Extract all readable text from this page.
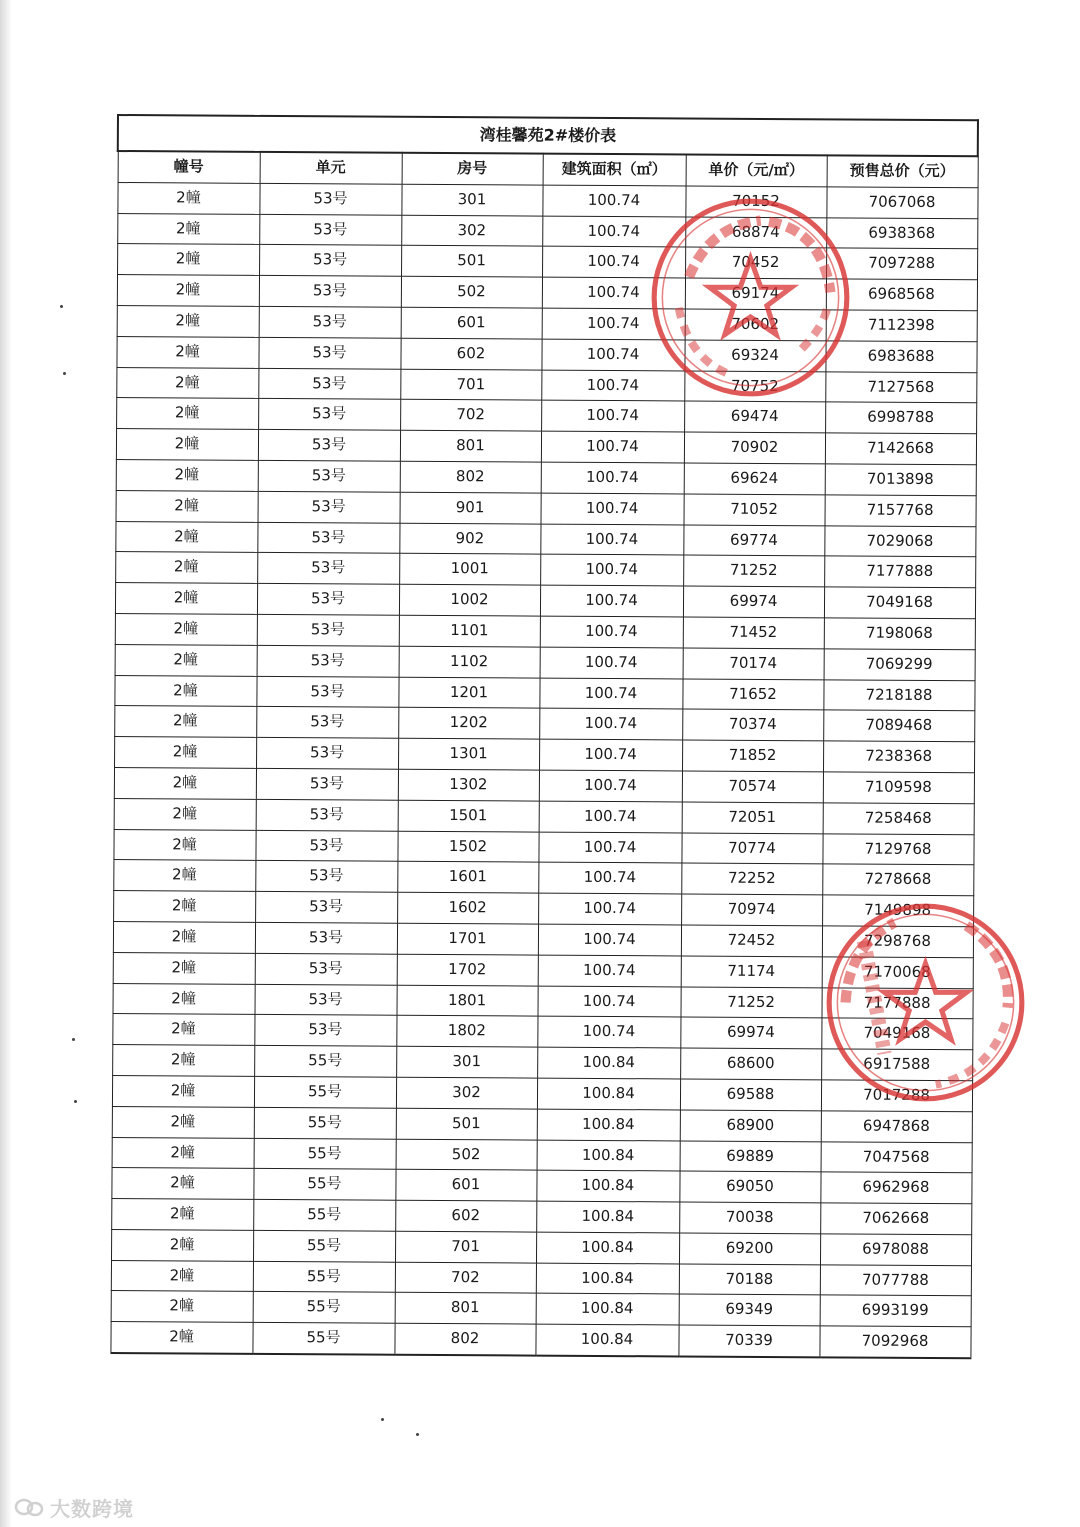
湾桂馨苑2#楼价表					
幢号	单元	房号	建筑面积（㎡）	单价（元/㎡）	预售总价（元）
2幢	53号	301	100.74	70152	7067068
2幢	53号	302	100.74	68874	6938368
2幢	53号	501	100.74	70452	7097288
2幢	53号	502	100.74	69174	6968568
2幢	53号	601	100.74	70602	7112398
2幢	53号	602	100.74	69324	6983688
2幢	53号	701	100.74	70752	7127568
2幢	53号	702	100.74	69474	6998788
2幢	53号	801	100.74	70902	7142668
2幢	53号	802	100.74	69624	7013898
2幢	53号	901	100.74	71052	7157768
2幢	53号	902	100.74	69774	7029068
2幢	53号	1001	100.74	71252	7177888
2幢	53号	1002	100.74	69974	7049168
2幢	53号	1101	100.74	71452	7198068
2幢	53号	1102	100.74	70174	7069299
2幢	53号	1201	100.74	71652	7218188
2幢	53号	1202	100.74	70374	7089468
2幢	53号	1301	100.74	71852	7238368
2幢	53号	1302	100.74	70574	7109598
2幢	53号	1501	100.74	72051	7258468
2幢	53号	1502	100.74	70774	7129768
2幢	53号	1601	100.74	72252	7278668
2幢	53号	1602	100.74	70974	7149898
2幢	53号	1701	100.74	72452	7298768
2幢	53号	1702	100.74	71174	7170068
2幢	53号	1801	100.74	71252	7177888
2幢	53号	1802	100.74	69974	7049168
2幢	55号	301	100.84	68600	6917588
2幢	55号	302	100.84	69588	7017288
2幢	55号	501	100.84	68900	6947868
2幢	55号	502	100.84	69889	7047568
2幢	55号	601	100.84	69050	6962968
2幢	55号	602	100.84	70038	7062668
2幢	55号	701	100.84	69200	6978088
2幢	55号	702	100.84	70188	7077788
2幢	55号	801	100.84	69349	6993199
2幢	55号	802	100.84	70339	7092968
大数跨境
